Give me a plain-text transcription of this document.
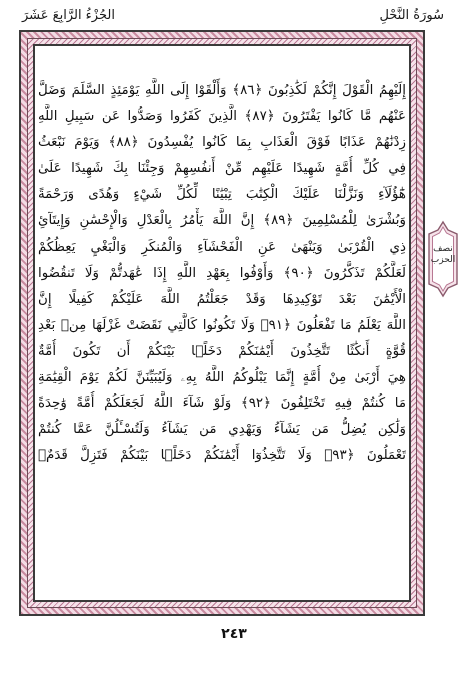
الجُزْءُ الرَّابِعَ عَشَرَ	سُورَةُ النَّحْلِ
إِلَيْهِمُ الْقَوْلَ إِنَّكُمْ لَكَٰذِبُونَ ﴿٨٦﴾ وَأَلْقَوْا إِلَى اللَّهِ يَوْمَئِذٍ السَّلَمَ وَضَلَّ
عَنْهُم مَّا كَانُوا يَفْتَرُونَ ﴿٨٧﴾ الَّذِينَ كَفَرُوا وَصَدُّوا عَن سَبِيلِ اللَّهِ
زِدْنَٰهُمْ عَذَابًا فَوْقَ الْعَذَابِ بِمَا كَانُوا يُفْسِدُونَ ﴿٨٨﴾ وَيَوْمَ نَبْعَثُ
فِي كُلِّ أُمَّةٍ شَهِيدًا عَلَيْهِم مِّنْ أَنفُسِهِمْ وَجِئْنَا بِكَ شَهِيدًا عَلَىٰ
هَٰٓؤُلَآءِ وَنَزَّلْنَا عَلَيْكَ الْكِتَٰبَ تِبْيَٰنًا لِّكُلِّ شَيْءٍ وَهُدًى وَرَحْمَةً
وَبُشْرَىٰ لِلْمُسْلِمِينَ ﴿٨٩﴾ إِنَّ اللَّهَ يَأْمُرُ بِالْعَدْلِ وَالْإِحْسَٰنِ وَإِيتَآئِ
ذِي الْقُرْبَىٰ وَيَنْهَىٰ عَنِ الْفَحْشَآءِ وَالْمُنكَرِ وَالْبَغْيِ يَعِظُكُمْ
لَعَلَّكُمْ تَذَكَّرُونَ ﴿٩٠﴾ وَأَوْفُوا بِعَهْدِ اللَّهِ إِذَا عَٰهَدتُّمْ وَلَا تَنقُضُوا
الْأَيْمَٰنَ بَعْدَ تَوْكِيدِهَا وَقَدْ جَعَلْتُمُ اللَّهَ عَلَيْكُمْ كَفِيلًا إِنَّ
اللَّهَ يَعْلَمُ مَا تَفْعَلُونَ ﴿٩١﴾ وَلَا تَكُونُوا كَالَّتِي نَقَضَتْ غَزْلَهَا مِنۢ بَعْدِ
قُوَّةٍ أَنكَٰثًا تَتَّخِذُونَ أَيْمَٰنَكُمْ دَخَلًۢا بَيْنَكُمْ أَن تَكُونَ أُمَّةٌ
هِيَ أَرْبَىٰ مِنْ أُمَّةٍ إِنَّمَا يَبْلُوكُمُ اللَّهُ بِهِۦ وَلَيُبَيِّنَنَّ لَكُمْ يَوْمَ الْقِيَٰمَةِ
مَا كُنتُمْ فِيهِ تَخْتَلِفُونَ ﴿٩٢﴾ وَلَوْ شَآءَ اللَّهُ لَجَعَلَكُمْ أُمَّةً وَٰحِدَةً
وَلَٰكِن يُضِلُّ مَن يَشَآءُ وَيَهْدِي مَن يَشَآءُ وَلَتُسْـَٔلُنَّ عَمَّا كُنتُمْ
تَعْمَلُونَ ﴿٩٣﴾ وَلَا تَتَّخِذُوٓا أَيْمَٰنَكُمْ دَخَلًۢا بَيْنَكُمْ فَتَزِلَّ قَدَمٌۢ
نصف
الحزب
٢٤٣
